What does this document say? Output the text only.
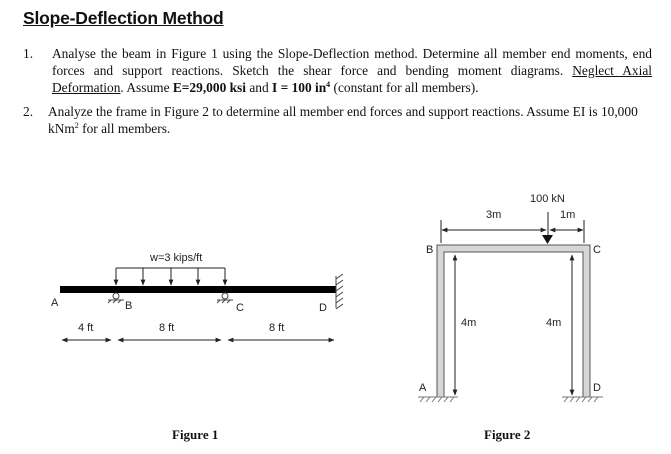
Slope-Deflection Method
1. Analyse the beam in Figure 1 using the Slope-Deflection method. Determine all member end moments, end forces and support reactions. Sketch the shear force and bending moment diagrams. Neglect Axial Deformation. Assume E=29,000 ksi and I = 100 $in^4$ (constant for all members).
2. Analyze the frame in Figure 2 to determine all member end forces and support reactions. Assume EI is 10,000 kNm$^2$ for all members.
w=3 kips/ft
A	B	C	D
4 ft	8 ft	8 ft
100 kN
3m	1m
4m	4m
A
B	C
D
Figure 1	Figure 2
